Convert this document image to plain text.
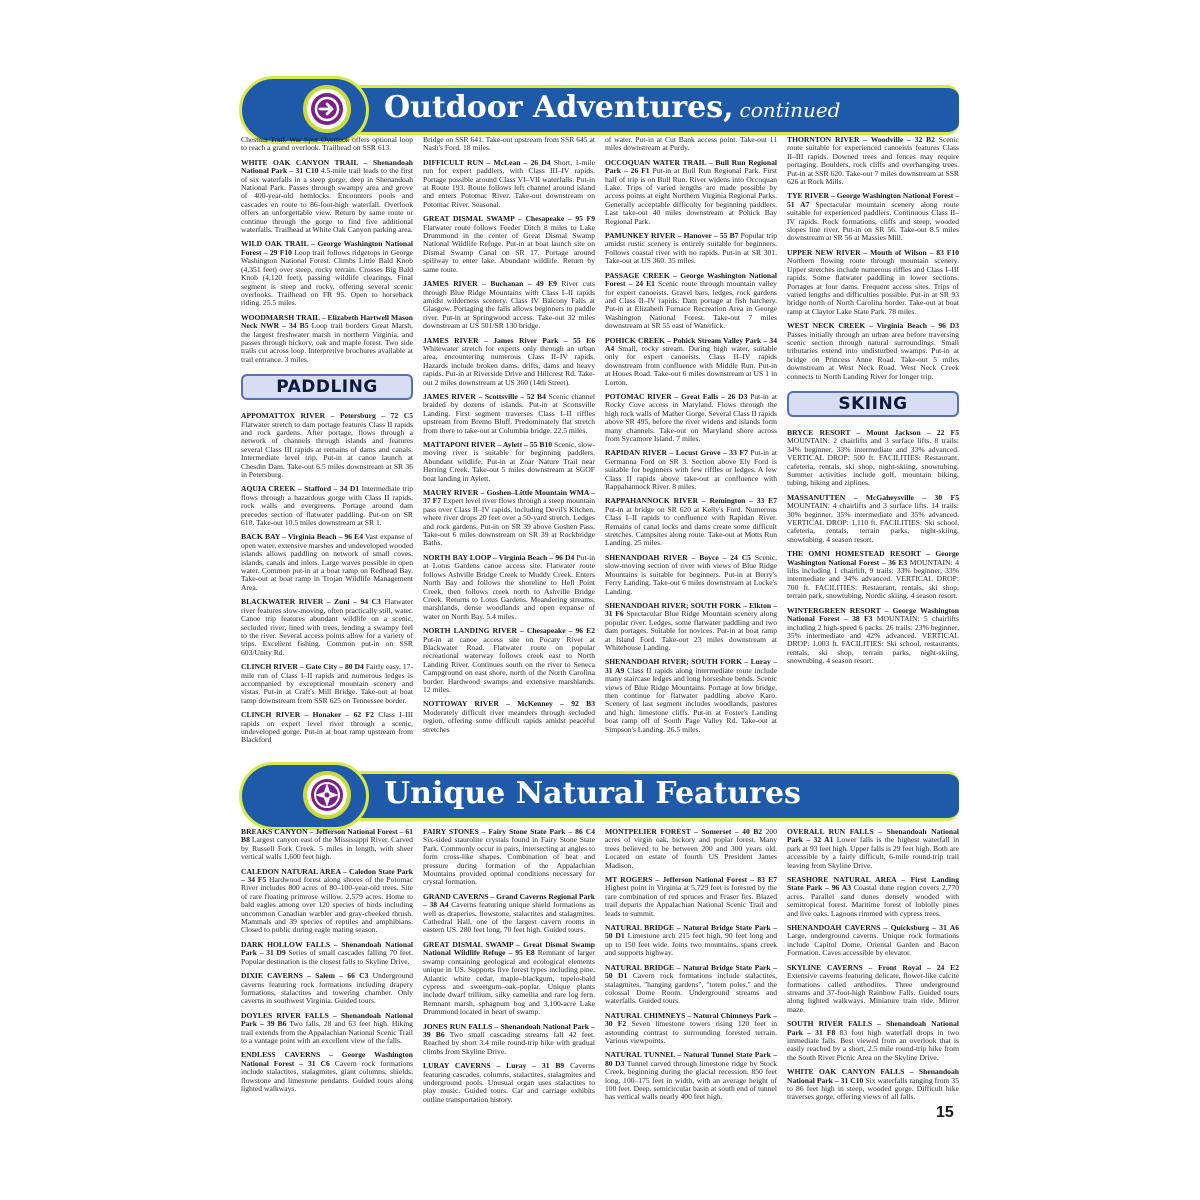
Outdoor Adventures, continued

Chestnut Trail. War Spur Overlook offers optional loop to reach a grand overlook. Trailhead on SSR 613.

WHITE OAK CANYON TRAIL – Shenandoah National Park – 31 C10 4.5-mile trail leads to the first of six waterfalls in a steep gorge, deep in Shenandoah National Park. Passes through swampy area and grove of 400-year-old hemlocks. Encounters pools and cascades en route to 86-foot-high waterfall. Overlook offers an unforgettable view. Return by same route or continue through the gorge to find five additional waterfalls. Trailhead at White Oak Canyon parking area.

WILD OAK TRAIL – George Washington National Forest – 29 F10 Loop trail follows ridgetops in George Washington National Forest. Climbs Little Bald Knob (4,351 feet) over steep, rocky terrain. Crosses Big Bald Knob (4,120 feet), passing wildlife clearings. Final segment is steep and rocky, offering several scenic overlooks. Trailhead on FR 95. Open to horseback riding. 25.5 miles.

WOODMARSH TRAIL – Elizabeth Hartwell Mason Neck NWR – 34 B5 Loop trail borders Great Marsh, the largest freshwater marsh in northern Virginia, and passes through hickory, oak and maple forest. Two side trails cut across loop. Interpretive brochures available at trail entrance. 3 miles.

PADDLING

APPOMATTOX RIVER – Petersburg – 72 C5 Flatwater stretch to dam portage features Class II rapids and rock gardens. After portage, flows through a network of channels through islands and features several Class III rapids at remains of dams and canals. Intermediate level trip. Put-in at canoe launch at Chesdin Dam. Take-out 6.5 miles downstream at SR 36 in Petersburg.

AQUIA CREEK – Stafford – 34 D1 Intermediate trip flows through a hazardous gorge with Class II rapids, rock walls and evergreens. Portage around dam precedes section of flatwater paddling. Put-on on SR 610. Take-out 10.5 miles downstream at SR 1.

BACK BAY – Virginia Beach – 96 E4 Vast expanse of open water, extensive marshes and undeveloped wooded islands allows paddling on network of small coves, islands, canals and inlets. Large waves possible in open water. Common put-in at a boat ramp on Redhead Bay. Take-out at boat ramp in Trojan Wildlife Management Area.

BLACKWATER RIVER – Zuni – 94 C3 Flatwater river features slow-moving, often practically still, water. Canoe trip features abundant wildlife on a scenic, secluded river, lined with trees, lending a swampy feel to the river. Several access points allow for a variety of trips. Excellent fishing. Common put-in on SSR 603/Unity Rd.

CLINCH RIVER – Gate City – 80 D4 Fairly easy, 17-mile run of Class I–II rapids and numerous ledges is accompanied by exceptional mountain scenery and vistas. Put-in at Craft's Mill Bridge. Take-out at boat ramp downstream from SSR 625 on Tennessee border.

CLINCH RIVER – Honaker – 62 F2 Class I–III rapids on expert level river through a scenic, undeveloped gorge. Put-in at boat ramp upstream from Blackford

Bridge on SSR 641. Take-out upstream from SSR 645 at Nash's Ford. 18 miles.

DIFFICULT RUN – McLean – 26 D4 Short, 1-mile run for expert paddlers, with Class III–IV rapids. Portage possible around Class VI–VII waterfalls. Put-in at Route 193. Route follows left channel around island and enters Potomac River. Take-out downstream on Potomac River. Seasonal.

GREAT DISMAL SWAMP – Chesapeake – 95 F9 Flatwater route follows Feeder Ditch 8 miles to Lake Drummond in the center of Great Dismal Swamp National Wildlife Refuge. Put-in at boat launch site on Dismal Swamp Canal on SR 17. Portage around spillway to enter lake. Abundant wildlife. Return by same route.

JAMES RIVER – Buchanan – 49 E9 River cuts through Blue Ridge Mountains with Class I–II rapids amidst wilderness scenery. Class IV Balcony Falls at Glasgow. Portaging the falls allows beginners to paddle river. Put-in at Springwood access. Take-out 32 miles downstream at US 501/SR 130 bridge.

JAMES RIVER – James River Park – 55 E6 Whitewater stretch for experts only through an urban area, encountering numerous Class II–IV rapids. Hazards include broken dams, drifts, dams and heavy rapids. Put-in at Riverside Drive and Hillcrest Rd. Take-out 2 miles downstream at US 360 (14th Street).

JAMES RIVER – Scottsville – 52 B4 Scenic channel braided by dozens of islands. Put-in at Scottsville Landing. First segment traverses Class I–II riffles upstream from Bremo Bluff. Predominately flat stretch from there to take-out at Columbia bridge. 22.5 miles.

MATTAPONI RIVER – Aylett – 55 B10 Scenic, slow-moving river is suitable for beginning paddlers. Abundant wildlife. Put-in at Zoar Nature Trail near Herring Creek. Take-out 5 miles downstream at SGOF boat landing in Aylett.

MAURY RIVER – Goshen–Little Mountain WMA – 37 F7 Expert level river flows through a steep mountain pass over Class II–IV rapids, including Devil's Kitchen, where river drops 20 feet over a 50-yard stretch. Ledges and rock gardens. Put-in on SR 39 above Goshen Pass. Take-out 6 miles downstream on SR 39 at Rockbridge Baths.

NORTH BAY LOOP – Virginia Beach – 96 D4 Put-in at Lotus Gardens canoe access site. Flatwater route follows Ashville Bridge Creek to Muddy Creek. Enters North Bay and follows the shoreline to Hell Point Creek, then follows creek north to Ashville Bridge Creek. Returns to Lotus Gardens. Meandering streams, marshlands, dense woodlands and open expanse of water on North Bay. 5.4 miles.

NORTH LANDING RIVER – Chesapeake – 96 E2 Put-in at canoe access site on Pocaty River at Blackwater Road. Flatwater route on popular recreational waterway follows creek east to North Landing River. Continues south on the river to Seneca Campground on east shore, north of the North Carolina border. Hardwood swamps and extensive marshlands. 12 miles.

NOTTOWAY RIVER – McKenney – 92 B3 Moderately difficult river meanders through secluded region, offering some difficult rapids amidst peaceful stretches

of water. Put-in at Cut Bank access point. Take-out 11 miles downstream at Purdy.

OCCOQUAN WATER TRAIL – Bull Run Regional Park – 26 F1 Put-in at Bull Run Regional Park. First half of trip is on Bull Run. River widens into Occoquan Lake. Trips of varied lengths are made possible by access points at eight Northern Virginia Regional Parks. Generally acceptable difficulty for beginning paddlers. Last take-out 40 miles downstream at Pohick Bay Regional Park.

PAMUNKEY RIVER – Hanover – 55 B7 Popular trip amidst rustic scenery is entirely suitable for beginners. Follows coastal river with no rapids. Put-in at SR 301. Take-out at US 360. 35 miles.

PASSAGE CREEK – George Washington National Forest – 24 E1 Scenic route through mountain valley for expert canoeists. Gravel bars, ledges, rock gardens and Class II–IV rapids. Dam portage at fish hatchery. Put-in at Elizabeth Furnace Recreation Area in George Washington National Forest. Take-out 7 miles downstream at SR 55 east of Waterlick.

POHICK CREEK – Pohick Stream Valley Park – 34 A4 Small, rocky stream. During high water, suitable only for expert canoeists. Class II–IV rapids downstream from confluence with Middle Run. Put-in at Hooes Road. Take-out 6 miles downstream at US 1 in Lorton.

POTOMAC RIVER – Great Falls – 26 D3 Put-in at Rocky Cove access in Maryland. Flows through the high rock walls of Mather Gorge. Several Class II rapids above SR 495, before the river widens and islands form many channels. Take-out on Maryland shore across from Sycamore Island. 7 miles.

RAPIDAN RIVER – Locust Grove – 33 F7 Put-in at Germanna Ford on SR 3. Section above Ely Ford is suitable for beginners with few riffles or ledges. A few Class II rapids above take-out at confluence with Rappahannock River. 8 miles.

RAPPAHANNOCK RIVER – Remington – 33 E7 Put-in at bridge on SR 620 at Kelly's Ford. Numerous Class I–II rapids to confluence with Rapidan River. Remains of canal locks and dams create some difficult stretches. Campsites along route. Take-out at Motts Run Landing. 25 miles.

SHENANDOAH RIVER – Boyce – 24 C5 Scenic, slow-moving section of river with views of Blue Ridge Mountains is suitable for beginners. Put-in at Berry's Ferry Landing. Take-out 6 miles downstream at Locke's Landing.

SHENANDOAH RIVER; SOUTH FORK – Elkton – 31 F6 Spectacular Blue Ridge Mountain scenery along popular river. Ledges, some flatwater paddling and two dam portages. Suitable for novices. Put-in at boat ramp at Island Ford. Take-out 23 miles downstream at Whitehouse Landing.

SHENANDOAH RIVER; SOUTH FORK – Luray – 31 A9 Class II rapids along intermediate route include many staircase ledges and long horseshoe bends. Scenic views of Blue Ridge Mountains. Portage at low bridge, then continue for flatwater paddling above Karo. Scenery of last segment includes woodlands, pastures and high, limestone cliffs. Put-in at Foster's Landing boat ramp off of South Page Valley Rd. Take-out at Simpson's Landing. 26.5 miles.

THORNTON RIVER – Woodville – 32 B2 Scenic route suitable for experienced canoeists features Class II–III rapids. Downed trees and fences may require portaging. Boulders, rock cliffs and overhanging trees. Put-in at SSR 620. Take-out 7 miles downstream at SSR 626 at Rock Mills.

TYE RIVER – George Washington National Forest – 51 A7 Spectacular mountain scenery along route suitable for experienced paddlers. Continuous Class II–IV rapids. Rock formations, cliffs and steep, wooded slopes line river. Put-in on SR 56. Take-out 8.5 miles downstream at SR 56 at Massies Mill.

UPPER NEW RIVER – Mouth of Wilson – 83 F10 Northern flowing route through mountain scenery. Upper stretches include numerous riffles and Class I–III rapids. Some flatwater paddling in lower sections. Portages at four dams. Frequent access sites. Trips of varied lengths and difficulties possible. Put-in at SR 93 bridge north of North Carolina border. Take-out at boat ramp at Claytor Lake State Park. 78 miles.

WEST NECK CREEK – Virginia Beach – 96 D3 Passes initially through an urban area before traversing scenic section through natural surroundings. Small tributaries extend into undisturbed swamps. Put-in at bridge on Princess Anne Road. Take-out 5 miles downstream at West Neck Road. West Neck Creek connects to North Landing River for longer trip.

SKIING

BRYCE RESORT – Mount Jackson – 22 F5 MOUNTAIN: 2 chairlifts and 3 surface lifts. 8 trails: 34% beginner, 33% intermediate and 33% advanced. VERTICAL DROP: 500 ft. FACILITIES: Restaurant, cafeteria, rentals, ski shop, night-skiing, snowtubing. Summer activities include golf, mountain biking, tubing, hiking and ziplines.

MASSANUTTEN – McGaheysville – 30 F5 MOUNTAIN: 4 chairlifts and 3 surface lifts. 14 trails: 30% beginner, 35% intermediate and 35% advanced. VERTICAL DROP: 1,110 ft. FACILITIES: Ski school, cafeteria, rentals, terrain parks, night-skiing, snowtubing. 4 season resort.

THE OMNI HOMESTEAD RESORT – George Washington National Forest – 36 E3 MOUNTAIN: 4 lifts including 1 chairlift, 9 trails: 33% beginner, 33% intermediate and 34% advanced. VERTICAL DROP: 700 ft. FACILITIES: Restaurant, rentals, ski shop, terrain park, snowtubing, Nordic skiing. 4 season resort.

WINTERGREEN RESORT – George Washington National Forest – 38 F3 MOUNTAIN: 5 chairlifts including 2 high-speed 6 packs. 26 trails: 23% beginner, 35% intermediate and 42% advanced. VERTICAL DROP: 1,003 ft. FACILITIES: Ski school, restaurants, rentals, ski shop, terrain parks, night-skiing, snowtubing. 4 season resort.

Unique Natural Features

BREAKS CANYON – Jefferson National Forest – 61 B8 Largest canyon east of the Mississippi River. Carved by Russell Fork Creek. 5 miles in length, with sheer vertical walls 1,600 feet high.

CALEDON NATURAL AREA – Caledon State Park – 34 F5 Hardwood forest along shores of the Potomac River includes 800 acres of 80–100-year-old trees. Site of rare floating primrose willow. 2,579 acres. Home to bald eagles among over 120 species of birds including uncommon Canadian warbler and gray-cheeked thrush. Mammals and 39 species of reptiles and amphibians. Closed to public during eagle mating season.

DARK HOLLOW FALLS – Shenandoah National Park – 31 D9 Series of small cascades falling 70 feet. Popular destination is the closest falls to Skyline Drive.

DIXIE CAVERNS – Salem – 66 C3 Underground caverns featuring rock formations including drapery formations, stalactites and towering chamber. Only caverns in southwest Virginia. Guided tours.

DOYLES RIVER FALLS – Shenandoah National Park – 39 B6 Two falls, 28 and 63 feet high. Hiking trail extends from the Appalachian National Scenic Trail to a vantage point with an excellent view of the falls.

ENDLESS CAVERNS – George Washington National Forest – 31 C6 Cavern rock formations include stalactites, stalagmites, giant columns, shields, flowstone and limestone pendants. Guided tours along lighted walkways.

FAIRY STONES – Fairy Stone State Park – 86 C4 Six-sided staurolite crystals found in Fairy Stone State Park. Commonly occur in pairs, intersecting at angles to form cross-like shapes. Combination of heat and pressure during formation of the Appalachian Mountains provided optimal conditions necessary for crystal formation.

GRAND CAVERNS – Grand Caverns Regional Park – 38 A4 Caverns featuring unique shield formations as well as draperies, flowstone, stalactites and stalagmites. Cathedral Hall, one of the largest cavern rooms in eastern US. 280 feet long, 70 feet high. Guided tours.

GREAT DISMAL SWAMP – Great Dismal Swamp National Wildlife Refuge – 95 E8 Remnant of larger swamp containing geological and ecological elements unique in US. Supports five forest types including pine, Atlantic white cedar, maple–blackgum, tupelo-bald cypress and sweetgum–oak–poplar. Unique plants include dwarf trillium, silky camellia and rare log fern. Remnant marsh, sphagnum bog and 3,100-acre Lake Drummond located in heart of swamp.

JONES RUN FALLS – Shenandoah National Park – 39 B6 Two small cascading streams fall 42 feet. Reached by short 3.4 mile round-trip hike with gradual climbs from Skyline Drive.

LURAY CAVERNS – Luray – 31 B9 Caverns featuring cascades, columns, stalactites, stalagmites and underground pools. Unusual organ uses stalactites to play music. Guided tours. Car and carriage exhibits outline transportation history.

MONTPELIER FOREST – Somerset – 40 B2 200 acres of virgin oak, hickory and poplar forest. Many trees believed to be between 200 and 300 years old. Located on estate of fourth US President James Madison.

MT ROGERS – Jefferson National Forest – 83 E7 Highest point in Virginia at 5,729 feet is forested by the rare combination of red spruces and Fraser firs. Blazed trail departs the Appalachian National Scenic Trail and leads to summit.

NATURAL BRIDGE – Natural Bridge State Park – 50 D1 Limestone arch 215 feet high, 90 feet long and up to 150 feet wide. Joins two mountains, spans creek and supports highway.

NATURAL BRIDGE – Natural Bridge State Park – 50 D1 Cavern rock formations include stalactites, stalagmites, "hanging gardens", "totem poles." and the colossal Dome Room. Underground streams and waterfalls. Guided tours.

NATURAL CHIMNEYS – Natural Chimneys Park – 30 F2 Seven limestone towers rising 120 feet in astounding contrast to surrounding forested terrain. Various viewpoints.

NATURAL TUNNEL – Natural Tunnel State Park – 80 D3 Tunnel carved through limestone ridge by Stock Creek, beginning during the glacial recession. 850 feet long, 100–175 feet in width, with an average height of 100 feet. Deep, semicircular basin at south end of tunnel has vertical walls nearly 400 feet high.

OVERALL RUN FALLS – Shenandoah National Park – 32 A1 Lower falls is the highest waterfall in park at 93 feet high. Upper falls is 29 feet high. Both are accessible by a fairly difficult, 6-mile round-trip trail leaving from Skyline Drive.

SEASHORE NATURAL AREA – First Landing State Park – 96 A3 Coastal dune region covers 2,770 acres. Parallel sand dunes densely wooded with semitropical forest. Maritime forest of loblolly pines and live oaks. Lagoons rimmed with cypress trees.

SHENANDOAH CAVERNS – Quicksburg – 31 A6 Large, underground caverns. Unique rock formations include Capitol Dome, Oriental Garden and Bacon Formation. Caves accessible by elevator.

SKYLINE CAVERNS – Front Royal – 24 E2 Extensive caverns featuring delicate, flower-like calcite formations called anthodites. Three underground streams and 37-foot-high Rainbow Falls. Guided tours along lighted walkways. Miniature train ride. Mirror maze.

SOUTH RIVER FALLS – Shenandoah National Park – 31 F8 83 foot high waterfall drops in two immediate falls. Best viewed from an overlook that is easily reached by a short, 2.5 mile round-trip hike from the South River Picnic Area on the Skyline Drive.

WHITE OAK CANYON FALLS – Shenandoah National Park – 31 C10 Six waterfalls ranging from 35 to 86 feet high in steep, wooded gorge. Difficult hike traverses gorge, offering views of all falls.

15
